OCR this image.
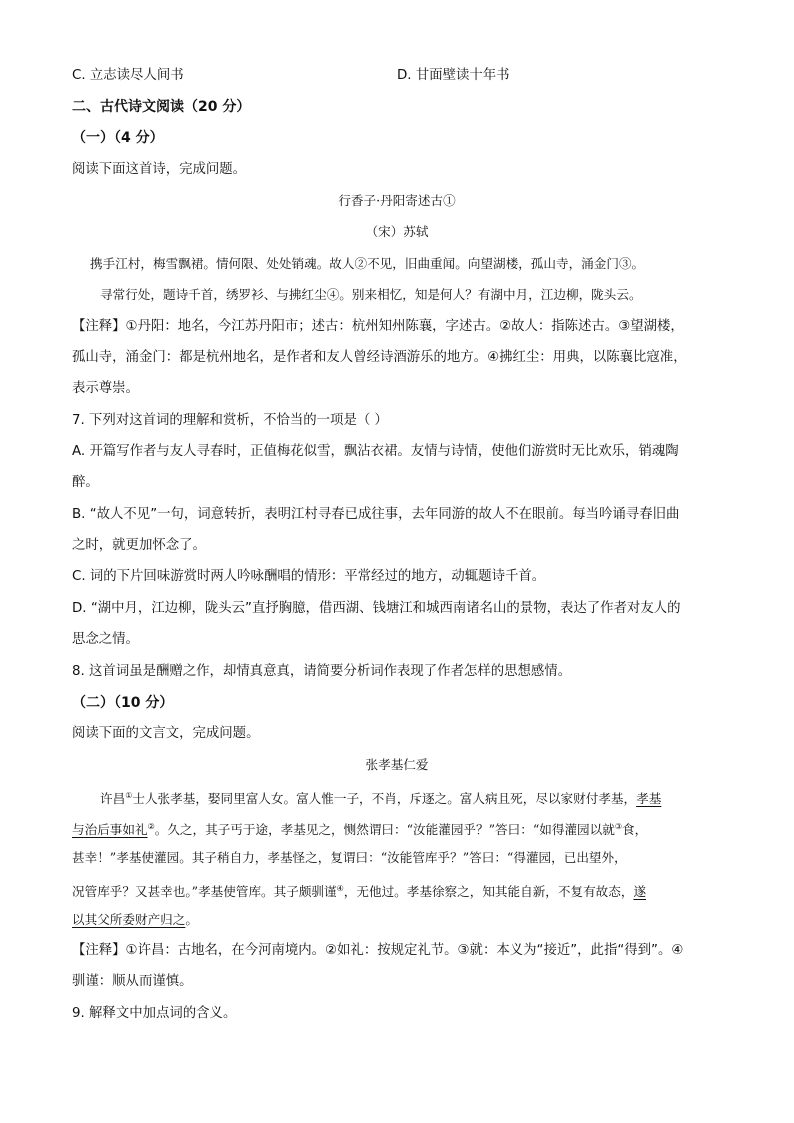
C. 立志读尽人间书	D. 甘面壁读十年书
二、古代诗文阅读（20 分）
（一）（4 分）
阅读下面这首诗，完成问题。
行香子·丹阳寄述古①
（宋）苏轼
携手江村，梅雪飘裙。情何限、处处销魂。故人②不见，旧曲重闻。向望湖楼，孤山寺，涌金门③。
寻常行处，题诗千首，绣罗衫、与拂红尘④。别来相忆，知是何人？有湖中月，江边柳，陇头云。
【注释】①丹阳：地名，今江苏丹阳市；述古：杭州知州陈襄，字述古。②故人：指陈述古。③望湖楼，
孤山寺，涌金门：都是杭州地名，是作者和友人曾经诗酒游乐的地方。④拂红尘：用典，以陈襄比寇准，
表示尊崇。
7. 下列对这首词的理解和赏析，不恰当的一项是（ ）
A. 开篇写作者与友人寻春时，正值梅花似雪，飘沾衣裙。友情与诗情，使他们游赏时无比欢乐，销魂陶
醉。
B. “故人不见”一句，词意转折，表明江村寻春已成往事，去年同游的故人不在眼前。每当吟诵寻春旧曲
之时，就更加怀念了。
C. 词的下片回味游赏时两人吟咏酬唱的情形：平常经过的地方，动辄题诗千首。
D. “湖中月，江边柳，陇头云”直抒胸臆，借西湖、钱塘江和城西南诸名山的景物，表达了作者对友人的
思念之情。
8. 这首词虽是酬赠之作，却情真意真，请简要分析词作表现了作者怎样的思想感情。
（二）（10 分）
阅读下面的文言文，完成问题。
张孝基仁爱
许昌①士人张孝基，娶同里富人女。富人惟一子，不肖，斥逐之。富人病且死，尽以家财付孝基，孝基
与治后事如礼②。久之，其子丐于途，孝基见之，恻然谓曰：“汝能灌园乎？”答曰：“如得灌园以就③食，
甚幸！”孝基使灌园。其子稍自力，孝基怪之，复谓曰：“汝能管库乎？”答曰：“得灌园，已出望外，
况管库乎？又甚幸也。”孝基使管库。其子颇驯谨④，无他过。孝基徐察之，知其能自新，不复有故态，遂
以其父所委财产归之。
【注释】①许昌：古地名，在今河南境内。②如礼：按规定礼节。③就：本义为“接近”，此指“得到”。④
驯谨：顺从而谨慎。
9. 解释文中加点词的含义。
